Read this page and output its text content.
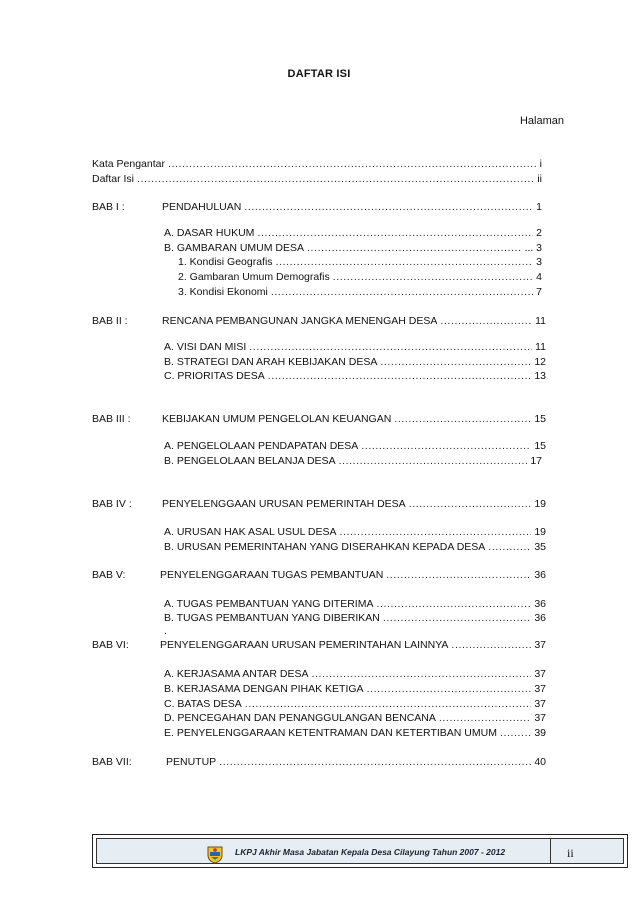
DAFTAR ISI
Halaman
Kata Pengantar .....	i
Daftar Isi .....	ii
BAB I :	PENDAHULUAN .....	1
A. DASAR HUKUM .....	2
B. GAMBARAN UMUM DESA .....	... 3
1. Kondisi Geografis .....	3
2. Gambaran Umum Demografis .....	4
3. Kondisi Ekonomi .....	7
BAB II :	RENCANA PEMBANGUNAN JANGKA MENENGAH DESA .....	11
A. VISI DAN MISI .....	11
B. STRATEGI DAN ARAH KEBIJAKAN DESA .....	12
C. PRIORITAS DESA .....	13
BAB III :	KEBIJAKAN UMUM PENGELOLAN KEUANGAN .....	15
A. PENGELOLAAN PENDAPATAN DESA .....	15
B. PENGELOLAAN BELANJA DESA .....	17
BAB IV :	PENYELENGGAAN URUSAN PEMERINTAH DESA .....	19
A. URUSAN HAK ASAL USUL DESA .....	19
B. URUSAN PEMERINTAHAN YANG DISERAHKAN KEPADA DESA .....	35
BAB V:	PENYELENGGARAAN TUGAS PEMBANTUAN .....	36
A. TUGAS PEMBANTUAN YANG DITERIMA .....	36
B. TUGAS PEMBANTUAN YANG DIBERIKAN .....	36
.
BAB VI:	PENYELENGGARAAN URUSAN PEMERINTAHAN LAINNYA .....	37
A. KERJASAMA ANTAR DESA .....	37
B. KERJASAMA DENGAN PIHAK KETIGA .....	37
C. BATAS DESA .....	37
D. PENCEGAHAN DAN PENANGGULANGAN BENCANA .....	37
E. PENYELENGGARAAN KETENTRAMAN DAN KETERTIBAN UMUM .....	39
BAB VII:	PENUTUP .....	40
LKPJ Akhir Masa Jabatan Kepala Desa Cilayung Tahun 2007 - 2012	ii
